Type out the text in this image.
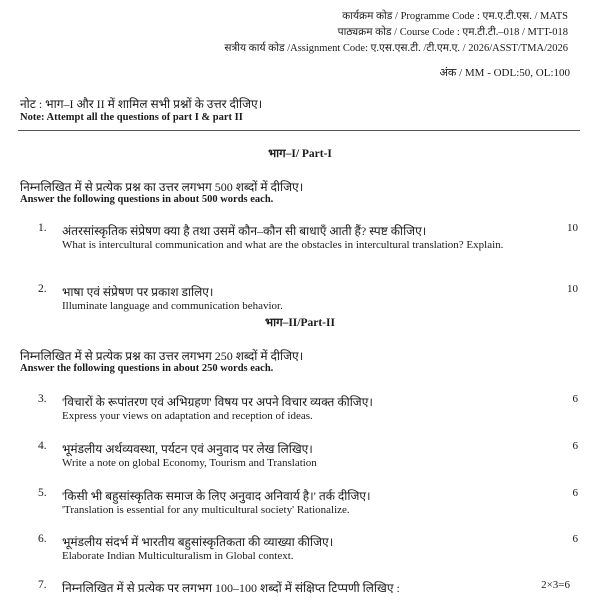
कार्यक्रम कोड / Programme Code : एम.ए.टी.एस. / MATS
पाठ्यक्रम कोड / Course Code : एम.टी.टी.–018 / MTT-018
सत्रीय कार्य कोड /Assignment Code: ए.एस.एस.टी. /टी.एम.ए. / 2026/ASST/TMA/2026
अंक / MM - ODL:50, OL:100
नोट : भाग–I और II में शामिल सभी प्रश्नों के उत्तर दीजिए।
Note: Attempt all the questions of part I & part II
भाग–I/ Part-I
निम्नलिखित में से प्रत्येक प्रश्न का उत्तर लगभग 500 शब्दों में दीजिए।
Answer the following questions in about 500 words each.
1. अंतरसांस्कृतिक संप्रेषण क्या है तथा उसमें कौन–कौन सी बाधाएँ आती हैं? स्पष्ट कीजिए।
What is intercultural communication and what are the obstacles in intercultural translation? Explain.
10
2. भाषा एवं संप्रेषण पर प्रकाश डालिए।
Illuminate language and communication behavior.
10
भाग–II/Part-II
निम्नलिखित में से प्रत्येक प्रश्न का उत्तर लगभग 250 शब्दों में दीजिए।
Answer the following questions in about 250 words each.
3. 'विचारों के रूपांतरण एवं अभिग्रहण' विषय पर अपने विचार व्यक्त कीजिए।
Express your views on adaptation and reception of ideas.
6
4. भूमंडलीय अर्थव्यवस्था, पर्यटन एवं अनुवाद पर लेख लिखिए।
Write a note on global Economy, Tourism and Translation
6
5. 'किसी भी बहुसांस्कृतिक समाज के लिए अनुवाद अनिवार्य है।' तर्क दीजिए।
'Translation is essential for any multicultural society' Rationalize.
6
6. भूमंडलीय संदर्भ में भारतीय बहुसांस्कृतिकता की व्याख्या कीजिए।
Elaborate Indian Multiculturalism in Global context.
6
7. निम्नलिखित में से प्रत्येक पर लगभग 100–100 शब्दों में संक्षिप्त टिप्पणी लिखिए :	2×3=6
